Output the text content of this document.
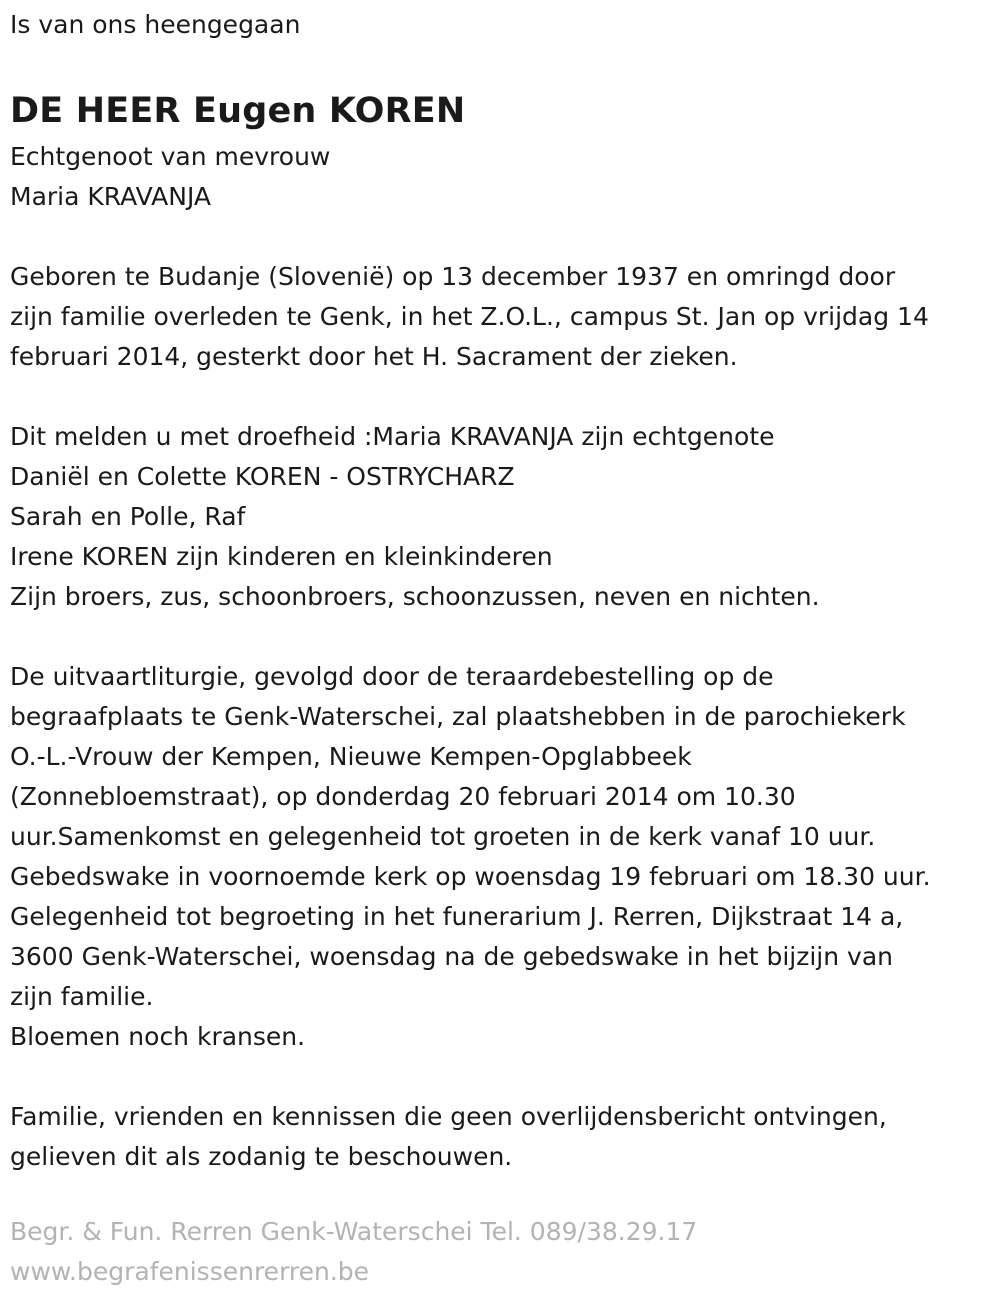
Is van ons heengegaan

DE HEER Eugen KOREN

Echtgenoot van mevrouw

Maria KRAVANJA

Geboren te Budanje (Slovenië) op 13 december 1937 en omringd door

zijn familie overleden te Genk, in het Z.O.L., campus St. Jan op vrijdag 14

februari 2014, gesterkt door het H. Sacrament der zieken.

Dit melden u met droefheid :Maria KRAVANJA zijn echtgenote

Daniël en Colette KOREN - OSTRYCHARZ

Sarah en Polle, Raf

Irene KOREN zijn kinderen en kleinkinderen

Zijn broers, zus, schoonbroers, schoonzussen, neven en nichten.

De uitvaartliturgie, gevolgd door de teraardebestelling op de

begraafplaats te Genk-Waterschei, zal plaatshebben in de parochiekerk

O.-L.-Vrouw der Kempen, Nieuwe Kempen-Opglabbeek

(Zonnebloemstraat), op donderdag 20 februari 2014 om 10.30

uur.Samenkomst en gelegenheid tot groeten in de kerk vanaf 10 uur.

Gebedswake in voornoemde kerk op woensdag 19 februari om 18.30 uur.

Gelegenheid tot begroeting in het funerarium J. Rerren, Dijkstraat 14 a,

3600 Genk-Waterschei, woensdag na de gebedswake in het bijzijn van

zijn familie.

Bloemen noch kransen.

Familie, vrienden en kennissen die geen overlijdensbericht ontvingen,

gelieven dit als zodanig te beschouwen.

Begr. & Fun. Rerren Genk-Waterschei Tel. 089/38.29.17
www.begrafenissenrerren.be
